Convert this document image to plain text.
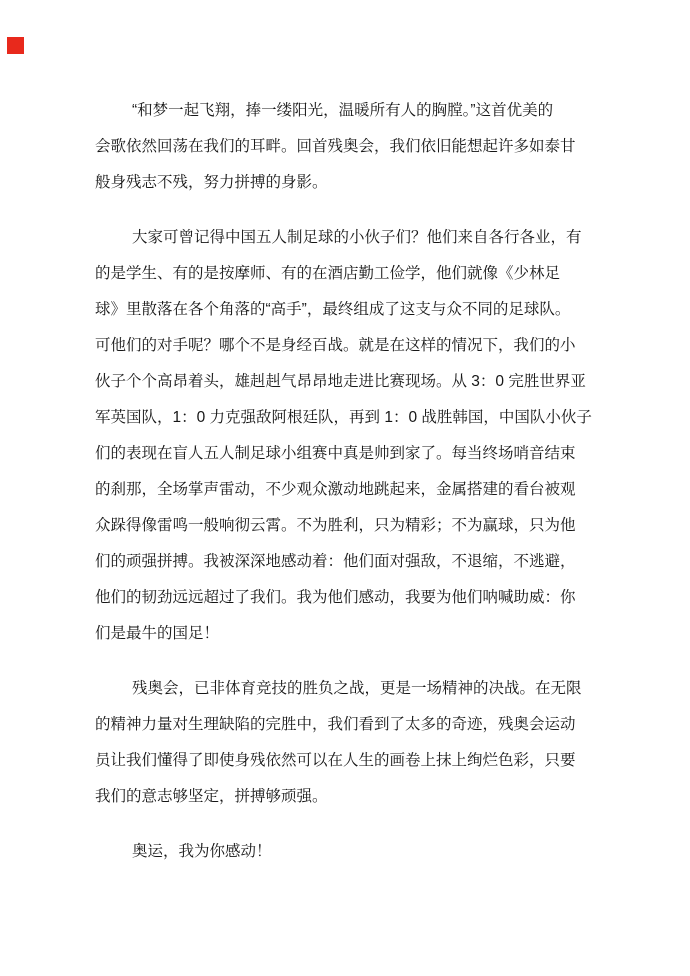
“和梦一起飞翔，捧一缕阳光，温暖所有人的胸膛。”这首优美的
会歌依然回荡在我们的耳畔。回首残奥会，我们依旧能想起许多如泰甘
般身残志不残，努力拼搏的身影。
大家可曾记得中国五人制足球的小伙子们？他们来自各行各业，有
的是学生、有的是按摩师、有的在酒店勤工俭学，他们就像《少林足
球》里散落在各个角落的“高手”，最终组成了这支与众不同的足球队。
可他们的对手呢？哪个不是身经百战。就是在这样的情况下，我们的小
伙子个个高昂着头，雄赳赳气昂昂地走进比赛现场。从 3：0 完胜世界亚
军英国队，1：0 力克强敌阿根廷队，再到 1：0 战胜韩国，中国队小伙子
们的表现在盲人五人制足球小组赛中真是帅到家了。每当终场哨音结束
的刹那，全场掌声雷动，不少观众激动地跳起来，金属搭建的看台被观
众跺得像雷鸣一般响彻云霄。不为胜利，只为精彩；不为赢球，只为他
们的顽强拼搏。我被深深地感动着：他们面对强敌，不退缩，不逃避，
他们的韧劲远远超过了我们。我为他们感动，我要为他们呐喊助威：你
们是最牛的国足！
残奥会，已非体育竞技的胜负之战，更是一场精神的决战。在无限
的精神力量对生理缺陷的完胜中，我们看到了太多的奇迹，残奥会运动
员让我们懂得了即使身残依然可以在人生的画卷上抹上绚烂色彩，只要
我们的意志够坚定，拼搏够顽强。
奥运，我为你感动！
